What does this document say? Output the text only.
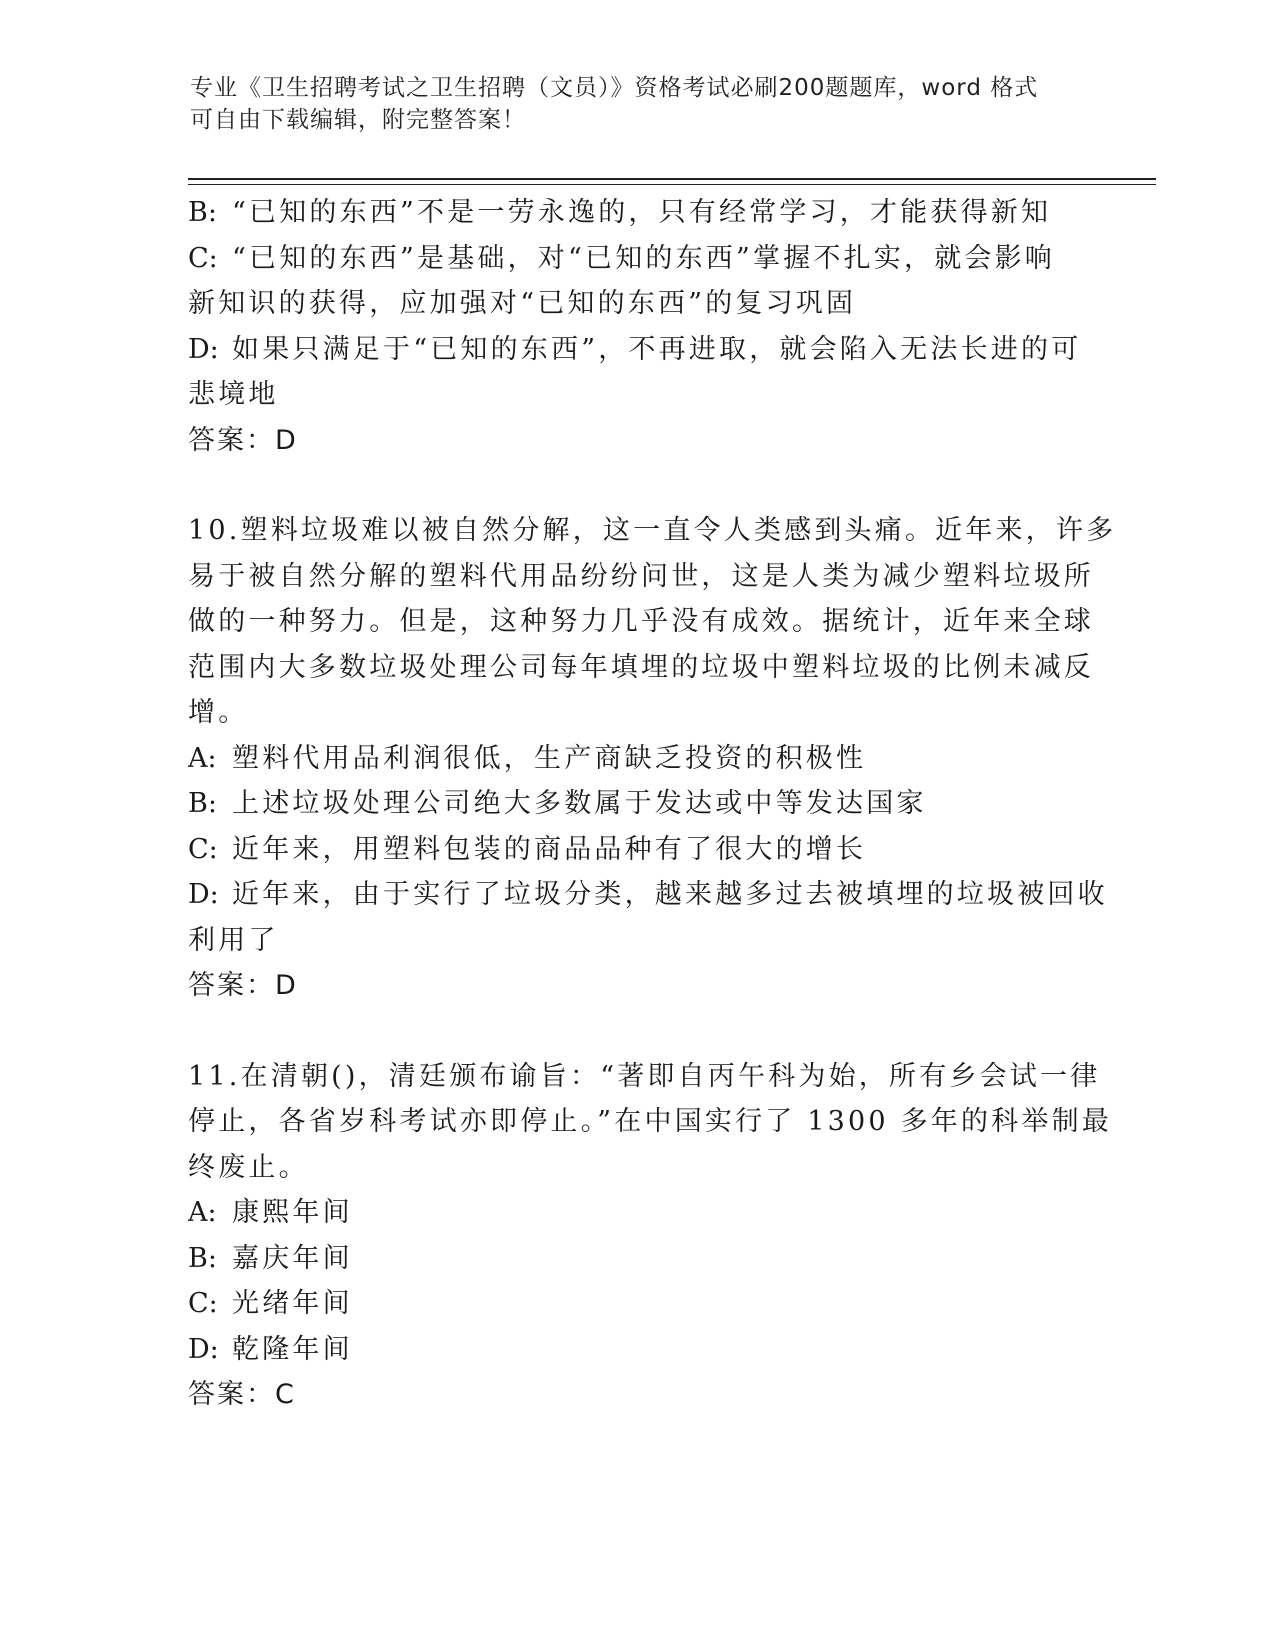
专业《卫生招聘考试之卫生招聘（文员）》资格考试必刷200题题库，word 格式
可自由下载编辑，附完整答案！
B: “已知的东西”不是一劳永逸的，只有经常学习，才能获得新知
C: “已知的东西”是基础，对“已知的东西”掌握不扎实，就会影响
新知识的获得，应加强对“已知的东西”的复习巩固
D: 如果只满足于“已知的东西”，不再进取，就会陷入无法长进的可
悲境地
答案：D
10.塑料垃圾难以被自然分解，这一直令人类感到头痛。近年来，许多
易于被自然分解的塑料代用品纷纷问世，这是人类为减少塑料垃圾所
做的一种努力。但是，这种努力几乎没有成效。据统计，近年来全球
范围内大多数垃圾处理公司每年填埋的垃圾中塑料垃圾的比例未减反
增。
A: 塑料代用品利润很低，生产商缺乏投资的积极性
B: 上述垃圾处理公司绝大多数属于发达或中等发达国家
C: 近年来，用塑料包装的商品品种有了很大的增长
D: 近年来，由于实行了垃圾分类，越来越多过去被填埋的垃圾被回收
利用了
答案：D
11.在清朝()，清廷颁布谕旨：“著即自丙午科为始，所有乡会试一律
停止，各省岁科考试亦即停止。”在中国实行了 1300 多年的科举制最
终废止。
A: 康熙年间
B: 嘉庆年间
C: 光绪年间
D: 乾隆年间
答案：C
